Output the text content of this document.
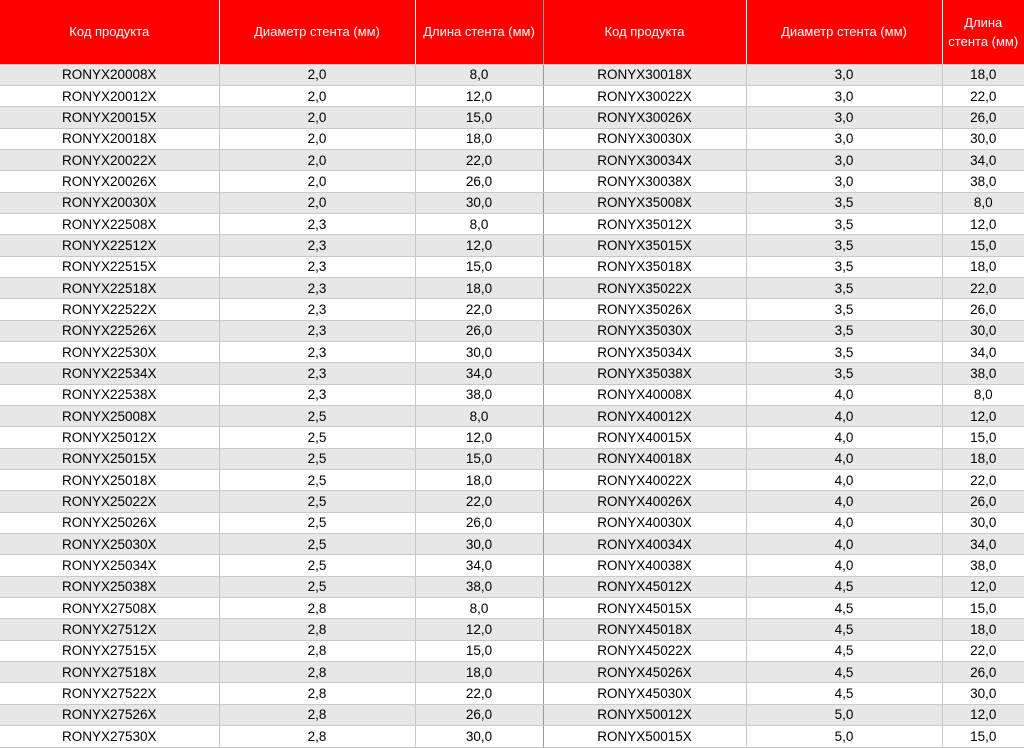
Код продукта	Диаметр стента (мм)	Длина стента (мм)	Код продукта	Диаметр стента (мм)	Длина стента (мм)
RONYX20008X	2,0	8,0	RONYX30018X	3,0	18,0
RONYX20012X	2,0	12,0	RONYX30022X	3,0	22,0
RONYX20015X	2,0	15,0	RONYX30026X	3,0	26,0
RONYX20018X	2,0	18,0	RONYX30030X	3,0	30,0
RONYX20022X	2,0	22,0	RONYX30034X	3,0	34,0
RONYX20026X	2,0	26,0	RONYX30038X	3,0	38,0
RONYX20030X	2,0	30,0	RONYX35008X	3,5	8,0
RONYX22508X	2,3	8,0	RONYX35012X	3,5	12,0
RONYX22512X	2,3	12,0	RONYX35015X	3,5	15,0
RONYX22515X	2,3	15,0	RONYX35018X	3,5	18,0
RONYX22518X	2,3	18,0	RONYX35022X	3,5	22,0
RONYX22522X	2,3	22,0	RONYX35026X	3,5	26,0
RONYX22526X	2,3	26,0	RONYX35030X	3,5	30,0
RONYX22530X	2,3	30,0	RONYX35034X	3,5	34,0
RONYX22534X	2,3	34,0	RONYX35038X	3,5	38,0
RONYX22538X	2,3	38,0	RONYX40008X	4,0	8,0
RONYX25008X	2,5	8,0	RONYX40012X	4,0	12,0
RONYX25012X	2,5	12,0	RONYX40015X	4,0	15,0
RONYX25015X	2,5	15,0	RONYX40018X	4,0	18,0
RONYX25018X	2,5	18,0	RONYX40022X	4,0	22,0
RONYX25022X	2,5	22,0	RONYX40026X	4,0	26,0
RONYX25026X	2,5	26,0	RONYX40030X	4,0	30,0
RONYX25030X	2,5	30,0	RONYX40034X	4,0	34,0
RONYX25034X	2,5	34,0	RONYX40038X	4,0	38,0
RONYX25038X	2,5	38,0	RONYX45012X	4,5	12,0
RONYX27508X	2,8	8,0	RONYX45015X	4,5	15,0
RONYX27512X	2,8	12,0	RONYX45018X	4,5	18,0
RONYX27515X	2,8	15,0	RONYX45022X	4,5	22,0
RONYX27518X	2,8	18,0	RONYX45026X	4,5	26,0
RONYX27522X	2,8	22,0	RONYX45030X	4,5	30,0
RONYX27526X	2,8	26,0	RONYX50012X	5,0	12,0
RONYX27530X	2,8	30,0	RONYX50015X	5,0	15,0
